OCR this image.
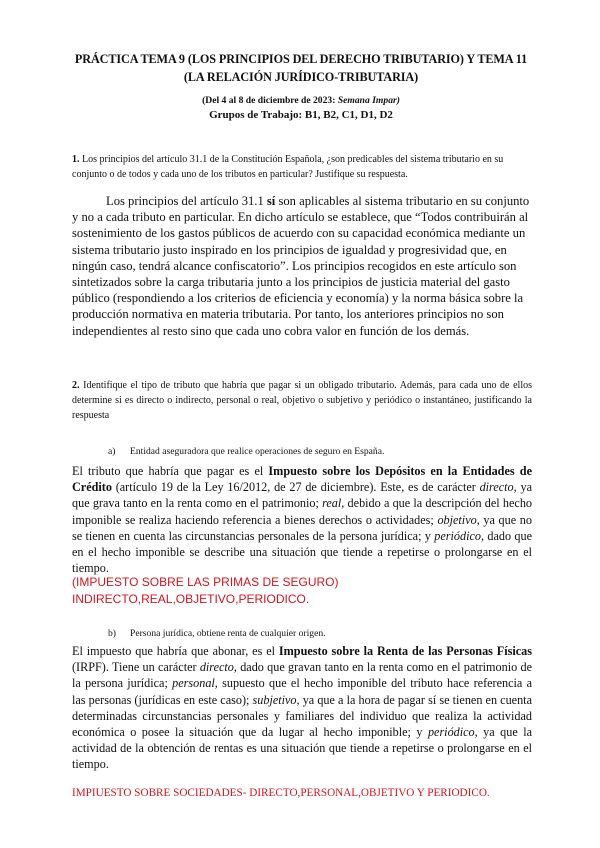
PRÁCTICA TEMA 9 (LOS PRINCIPIOS DEL DERECHO TRIBUTARIO) Y TEMA 11 (LA RELACIÓN JURÍDICO-TRIBUTARIA)
(Del 4 al 8 de diciembre de 2023: Semana Impar)
Grupos de Trabajo: B1, B2, C1, D1, D2
1. Los principios del artículo 31.1 de la Constitución Española, ¿son predicables del sistema tributario en su conjunto o de todos y cada uno de los tributos en particular? Justifique su respuesta.
Los principios del artículo 31.1 sí son aplicables al sistema tributario en su conjunto y no a cada tributo en particular. En dicho artículo se establece, que “Todos contribuirán al sostenimiento de los gastos públicos de acuerdo con su capacidad económica mediante un sistema tributario justo inspirado en los principios de igualdad y progresividad que, en ningún caso, tendrá alcance confiscatorio”. Los principios recogidos en este artículo son sintetizados sobre la carga tributaria junto a los principios de justicia material del gasto público (respondiendo a los criterios de eficiencia y economía) y la norma básica sobre la producción normativa en materia tributaria. Por tanto, los anteriores principios no son independientes al resto sino que cada uno cobra valor en función de los demás.
2. Identifique el tipo de tributo que habría que pagar si un obligado tributario. Además, para cada uno de ellos determine si es directo o indirecto, personal o real, objetivo o subjetivo y periódico o instantáneo, justificando la respuesta
a) Entidad aseguradora que realice operaciones de seguro en España.
El tributo que habría que pagar es el Impuesto sobre los Depósitos en la Entidades de Crédito (artículo 19 de la Ley 16/2012, de 27 de diciembre). Este, es de carácter directo, ya que grava tanto en la renta como en el patrimonio; real, debido a que la descripción del hecho imponible se realiza haciendo referencia a bienes derechos o actividades; objetivo, ya que no se tienen en cuenta las circunstancias personales de la persona jurídica; y periódico, dado que en el hecho imponible se describe una situación que tiende a repetirse o prolongarse en el tiempo.
(IMPUESTO SOBRE LAS PRIMAS DE SEGURO)
INDIRECTO,REAL,OBJETIVO,PERIODICO.
b) Persona jurídica, obtiene renta de cualquier origen.
El impuesto que habría que abonar, es el Impuesto sobre la Renta de las Personas Físicas (IRPF). Tiene un carácter directo, dado que gravan tanto en la renta como en el patrimonio de la persona jurídica; personal, supuesto que el hecho imponible del tributo hace referencia a las personas (jurídicas en este caso); subjetivo, ya que a la hora de pagar sí se tienen en cuenta determinadas circunstancias personales y familiares del individuo que realiza la actividad económica o posee la situación que da lugar al hecho imponible; y periódico, ya que la actividad de la obtención de rentas es una situación que tiende a repetirse o prolongarse en el tiempo.
IMPIUESTO SOBRE SOCIEDADES- DIRECTO,PERSONAL,OBJETIVO Y PERIODICO.
